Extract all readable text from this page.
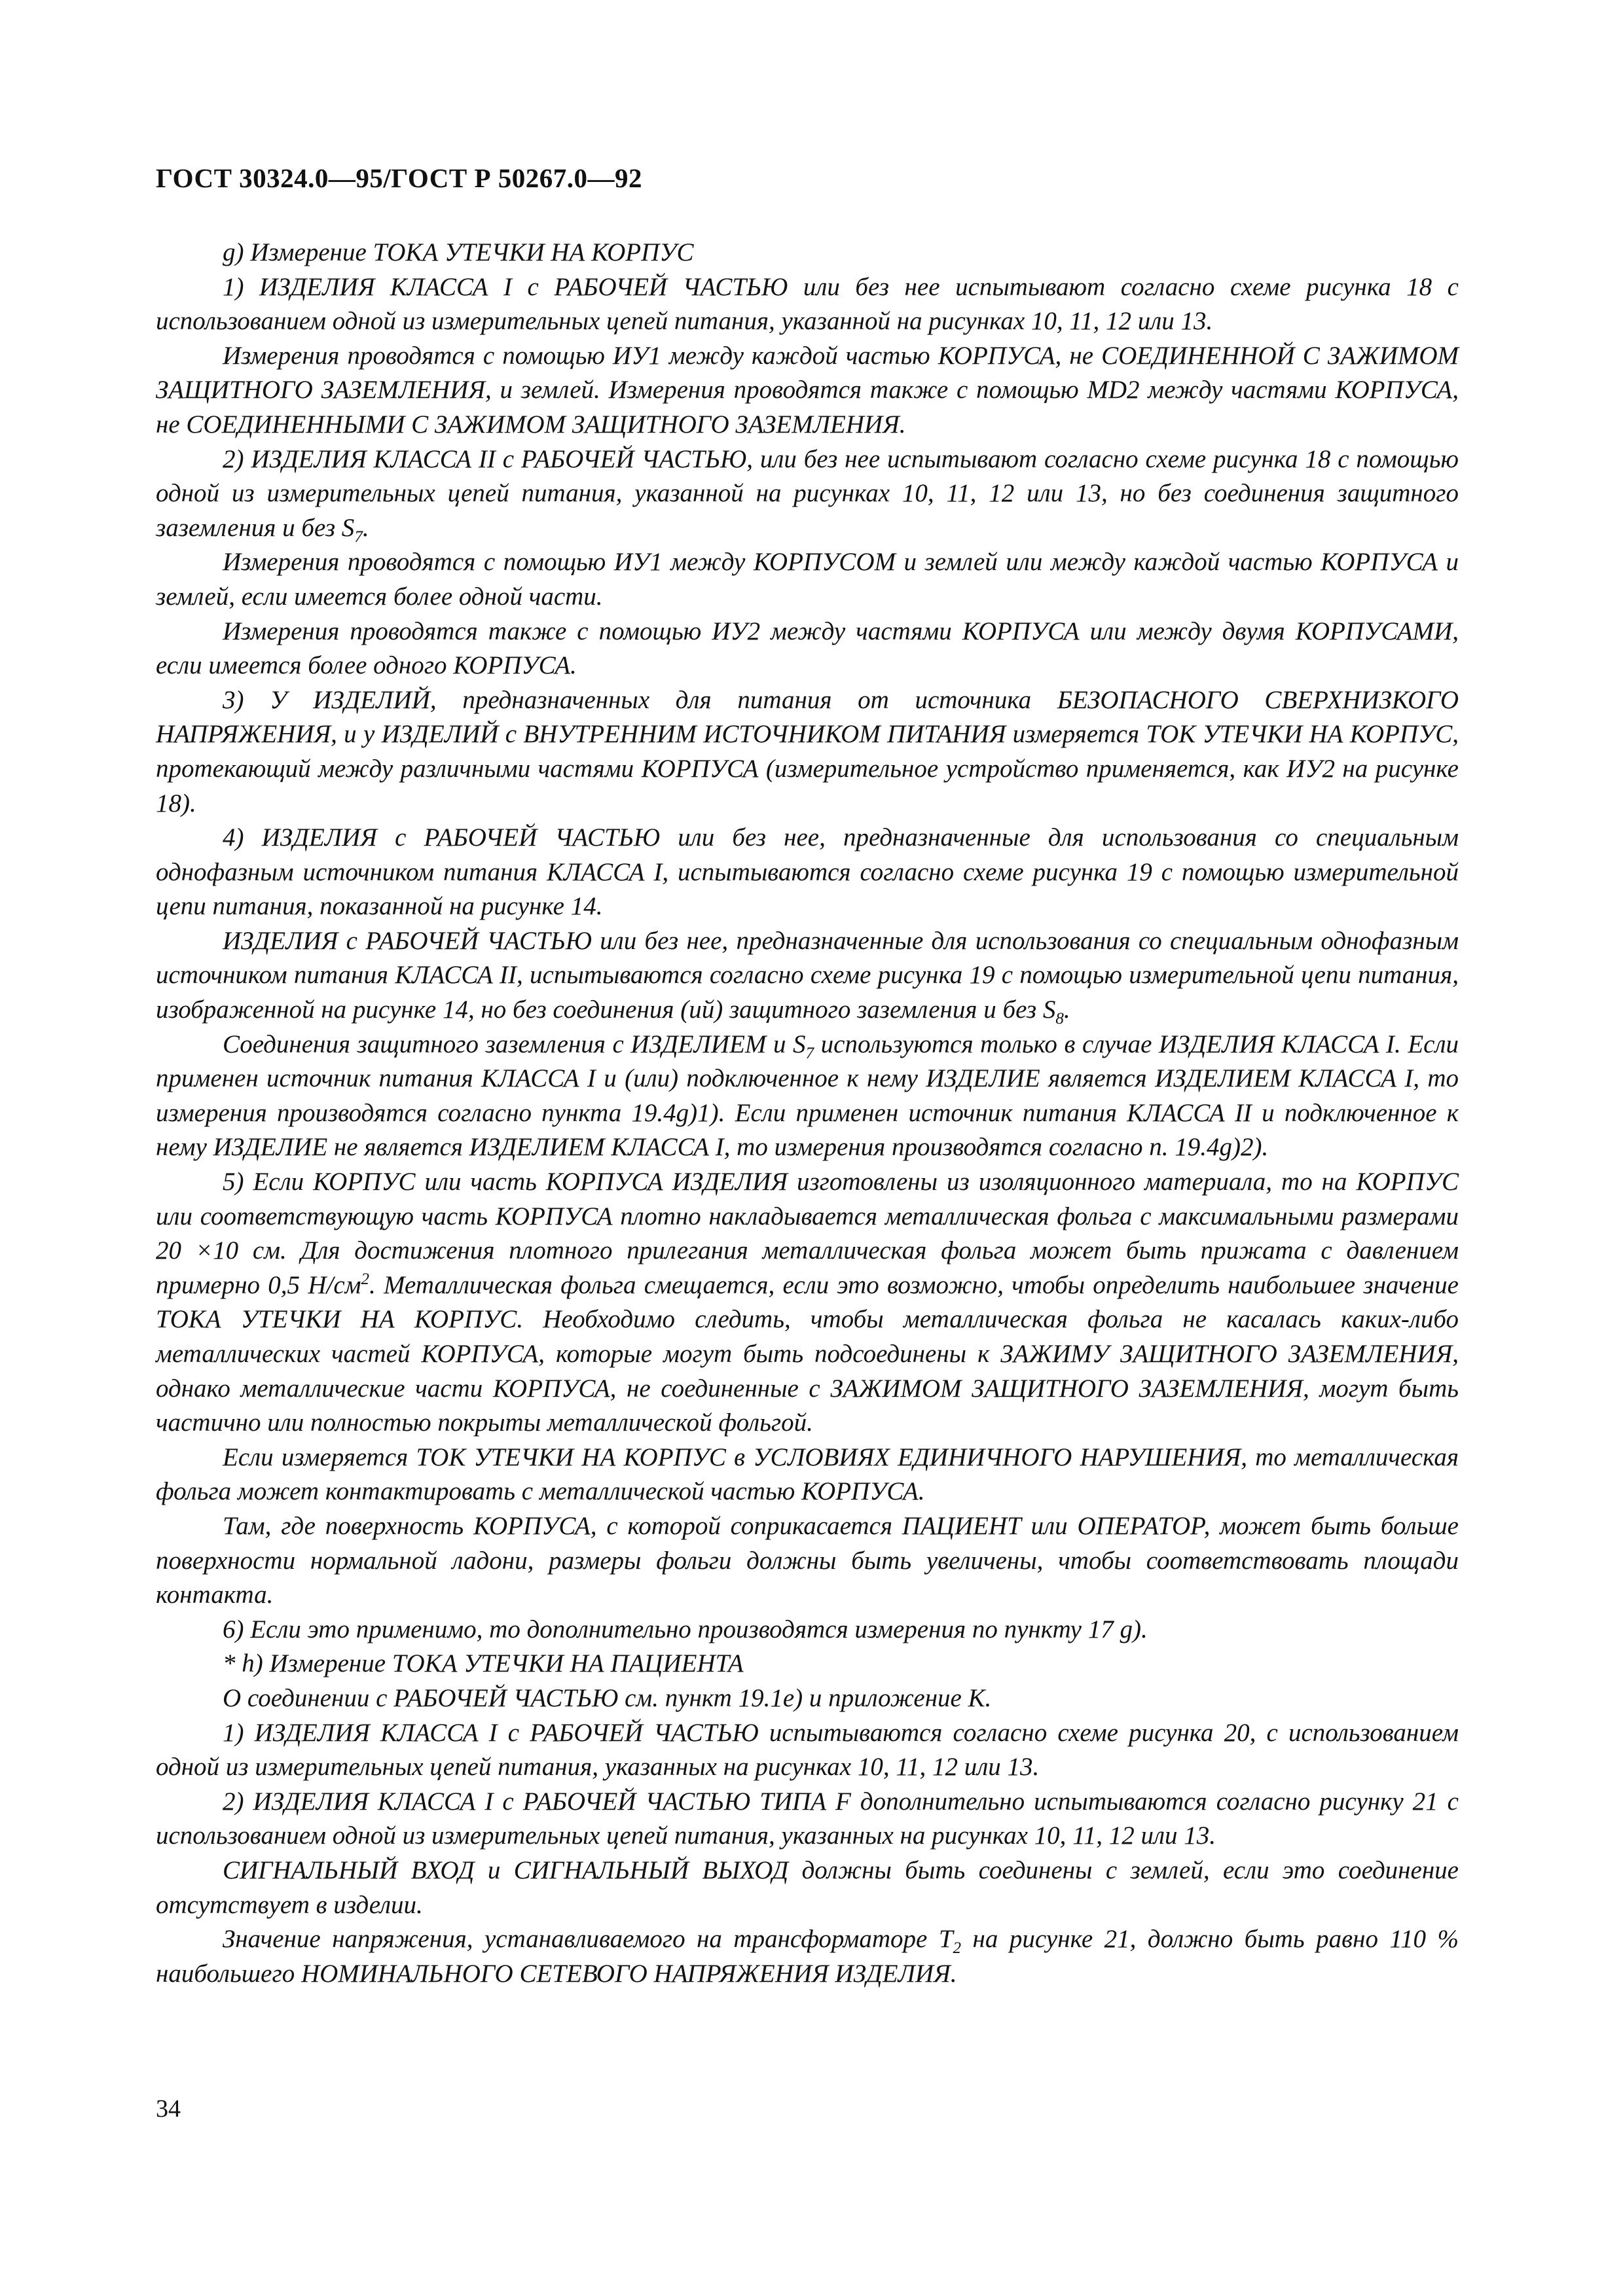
ГОСТ 30324.0—95/ГОСТ Р 50267.0—92

g) Измерение ТОКА УТЕЧКИ НА КОРПУС

1) ИЗДЕЛИЯ КЛАССА I с РАБОЧЕЙ ЧАСТЬЮ или без нее испытывают согласно схеме рисунка 18 с использованием одной из измерительных цепей питания, указанной на рисунках 10, 11, 12 или 13.

Измерения проводятся с помощью ИУ1 между каждой частью КОРПУСА, не СОЕДИНЕННОЙ С ЗАЖИМОМ ЗАЩИТНОГО ЗАЗЕМЛЕНИЯ, и землей. Измерения проводятся также с помощью MD2 между частями КОРПУСА, не СОЕДИНЕННЫМИ С ЗАЖИМОМ ЗАЩИТНОГО ЗАЗЕМЛЕНИЯ.

2) ИЗДЕЛИЯ КЛАССА II с РАБОЧЕЙ ЧАСТЬЮ, или без нее испытывают согласно схеме рисунка 18 с помощью одной из измерительных цепей питания, указанной на рисунках 10, 11, 12 или 13, но без соединения защитного заземления и без $S_7$.

Измерения проводятся с помощью ИУ1 между КОРПУСОМ и землей или между каждой частью КОРПУСА и землей, если имеется более одной части.

Измерения проводятся также с помощью ИУ2 между частями КОРПУСА или между двумя КОРПУСАМИ, если имеется более одного КОРПУСА.

3) У ИЗДЕЛИЙ, предназначенных для питания от источника БЕЗОПАСНОГО СВЕРХНИЗКОГО НАПРЯЖЕНИЯ, и у ИЗДЕЛИЙ с ВНУТРЕННИМ ИСТОЧНИКОМ ПИТАНИЯ измеряется ТОК УТЕЧКИ НА КОРПУС, протекающий между различными частями КОРПУСА (измерительное устройство применяется, как ИУ2 на рисунке 18).

4) ИЗДЕЛИЯ с РАБОЧЕЙ ЧАСТЬЮ или без нее, предназначенные для использования со специальным однофазным источником питания КЛАССА I, испытываются согласно схеме рисунка 19 с помощью измерительной цепи питания, показанной на рисунке 14.

ИЗДЕЛИЯ с РАБОЧЕЙ ЧАСТЬЮ или без нее, предназначенные для использования со специальным однофазным источником питания КЛАССА II, испытываются согласно схеме рисунка 19 с помощью измерительной цепи питания, изображенной на рисунке 14, но без соединения (ий) защитного заземления и без $S_8$.

Соединения защитного заземления с ИЗДЕЛИЕМ и $S_7$ используются только в случае ИЗДЕЛИЯ КЛАССА I. Если применен источник питания КЛАССА I и (или) подключенное к нему ИЗДЕЛИЕ является ИЗДЕЛИЕМ КЛАССА I, то измерения производятся согласно пункта 19.4g)1). Если применен источник питания КЛАССА II и подключенное к нему ИЗДЕЛИЕ не является ИЗДЕЛИЕМ КЛАССА I, то измерения производятся согласно п. 19.4g)2).

5) Если КОРПУС или часть КОРПУСА ИЗДЕЛИЯ изготовлены из изоляционного материала, то на КОРПУС или соответствующую часть КОРПУСА плотно накладывается металлическая фольга с максимальными размерами 20 ×10 см. Для достижения плотного прилегания металлическая фольга может быть прижата с давлением примерно 0,5 $Н/см^2$. Металлическая фольга смещается, если это возможно, чтобы определить наибольшее значение ТОКА УТЕЧКИ НА КОРПУС. Необходимо следить, чтобы металлическая фольга не касалась каких-либо металлических частей КОРПУСА, которые могут быть подсоединены к ЗАЖИМУ ЗАЩИТНОГО ЗАЗЕМЛЕНИЯ, однако металлические части КОРПУСА, не соединенные с ЗАЖИМОМ ЗАЩИТНОГО ЗАЗЕМЛЕНИЯ, могут быть частично или полностью покрыты металлической фольгой.

Если измеряется ТОК УТЕЧКИ НА КОРПУС в УСЛОВИЯХ ЕДИНИЧНОГО НАРУШЕНИЯ, то металлическая фольга может контактировать с металлической частью КОРПУСА.

Там, где поверхность КОРПУСА, с которой соприкасается ПАЦИЕНТ или ОПЕРАТОР, может быть больше поверхности нормальной ладони, размеры фольги должны быть увеличены, чтобы соответствовать площади контакта.

6) Если это применимо, то дополнительно производятся измерения по пункту 17 g).

* h) Измерение ТОКА УТЕЧКИ НА ПАЦИЕНТА

О соединении с РАБОЧЕЙ ЧАСТЬЮ см. пункт 19.1е) и приложение К.

1) ИЗДЕЛИЯ КЛАССА I с РАБОЧЕЙ ЧАСТЬЮ испытываются согласно схеме рисунка 20, с использованием одной из измерительных цепей питания, указанных на рисунках 10, 11, 12 или 13.

2) ИЗДЕЛИЯ КЛАССА I с РАБОЧЕЙ ЧАСТЬЮ ТИПА F дополнительно испытываются согласно рисунку 21 с использованием одной из измерительных цепей питания, указанных на рисунках 10, 11, 12 или 13.

СИГНАЛЬНЫЙ ВХОД и СИГНАЛЬНЫЙ ВЫХОД должны быть соединены с землей, если это соединение отсутствует в изделии.

Значение напряжения, устанавливаемого на трансформаторе $T_2$ на рисунке 21, должно быть равно 110 % наибольшего НОМИНАЛЬНОГО СЕТЕВОГО НАПРЯЖЕНИЯ ИЗДЕЛИЯ.

34
